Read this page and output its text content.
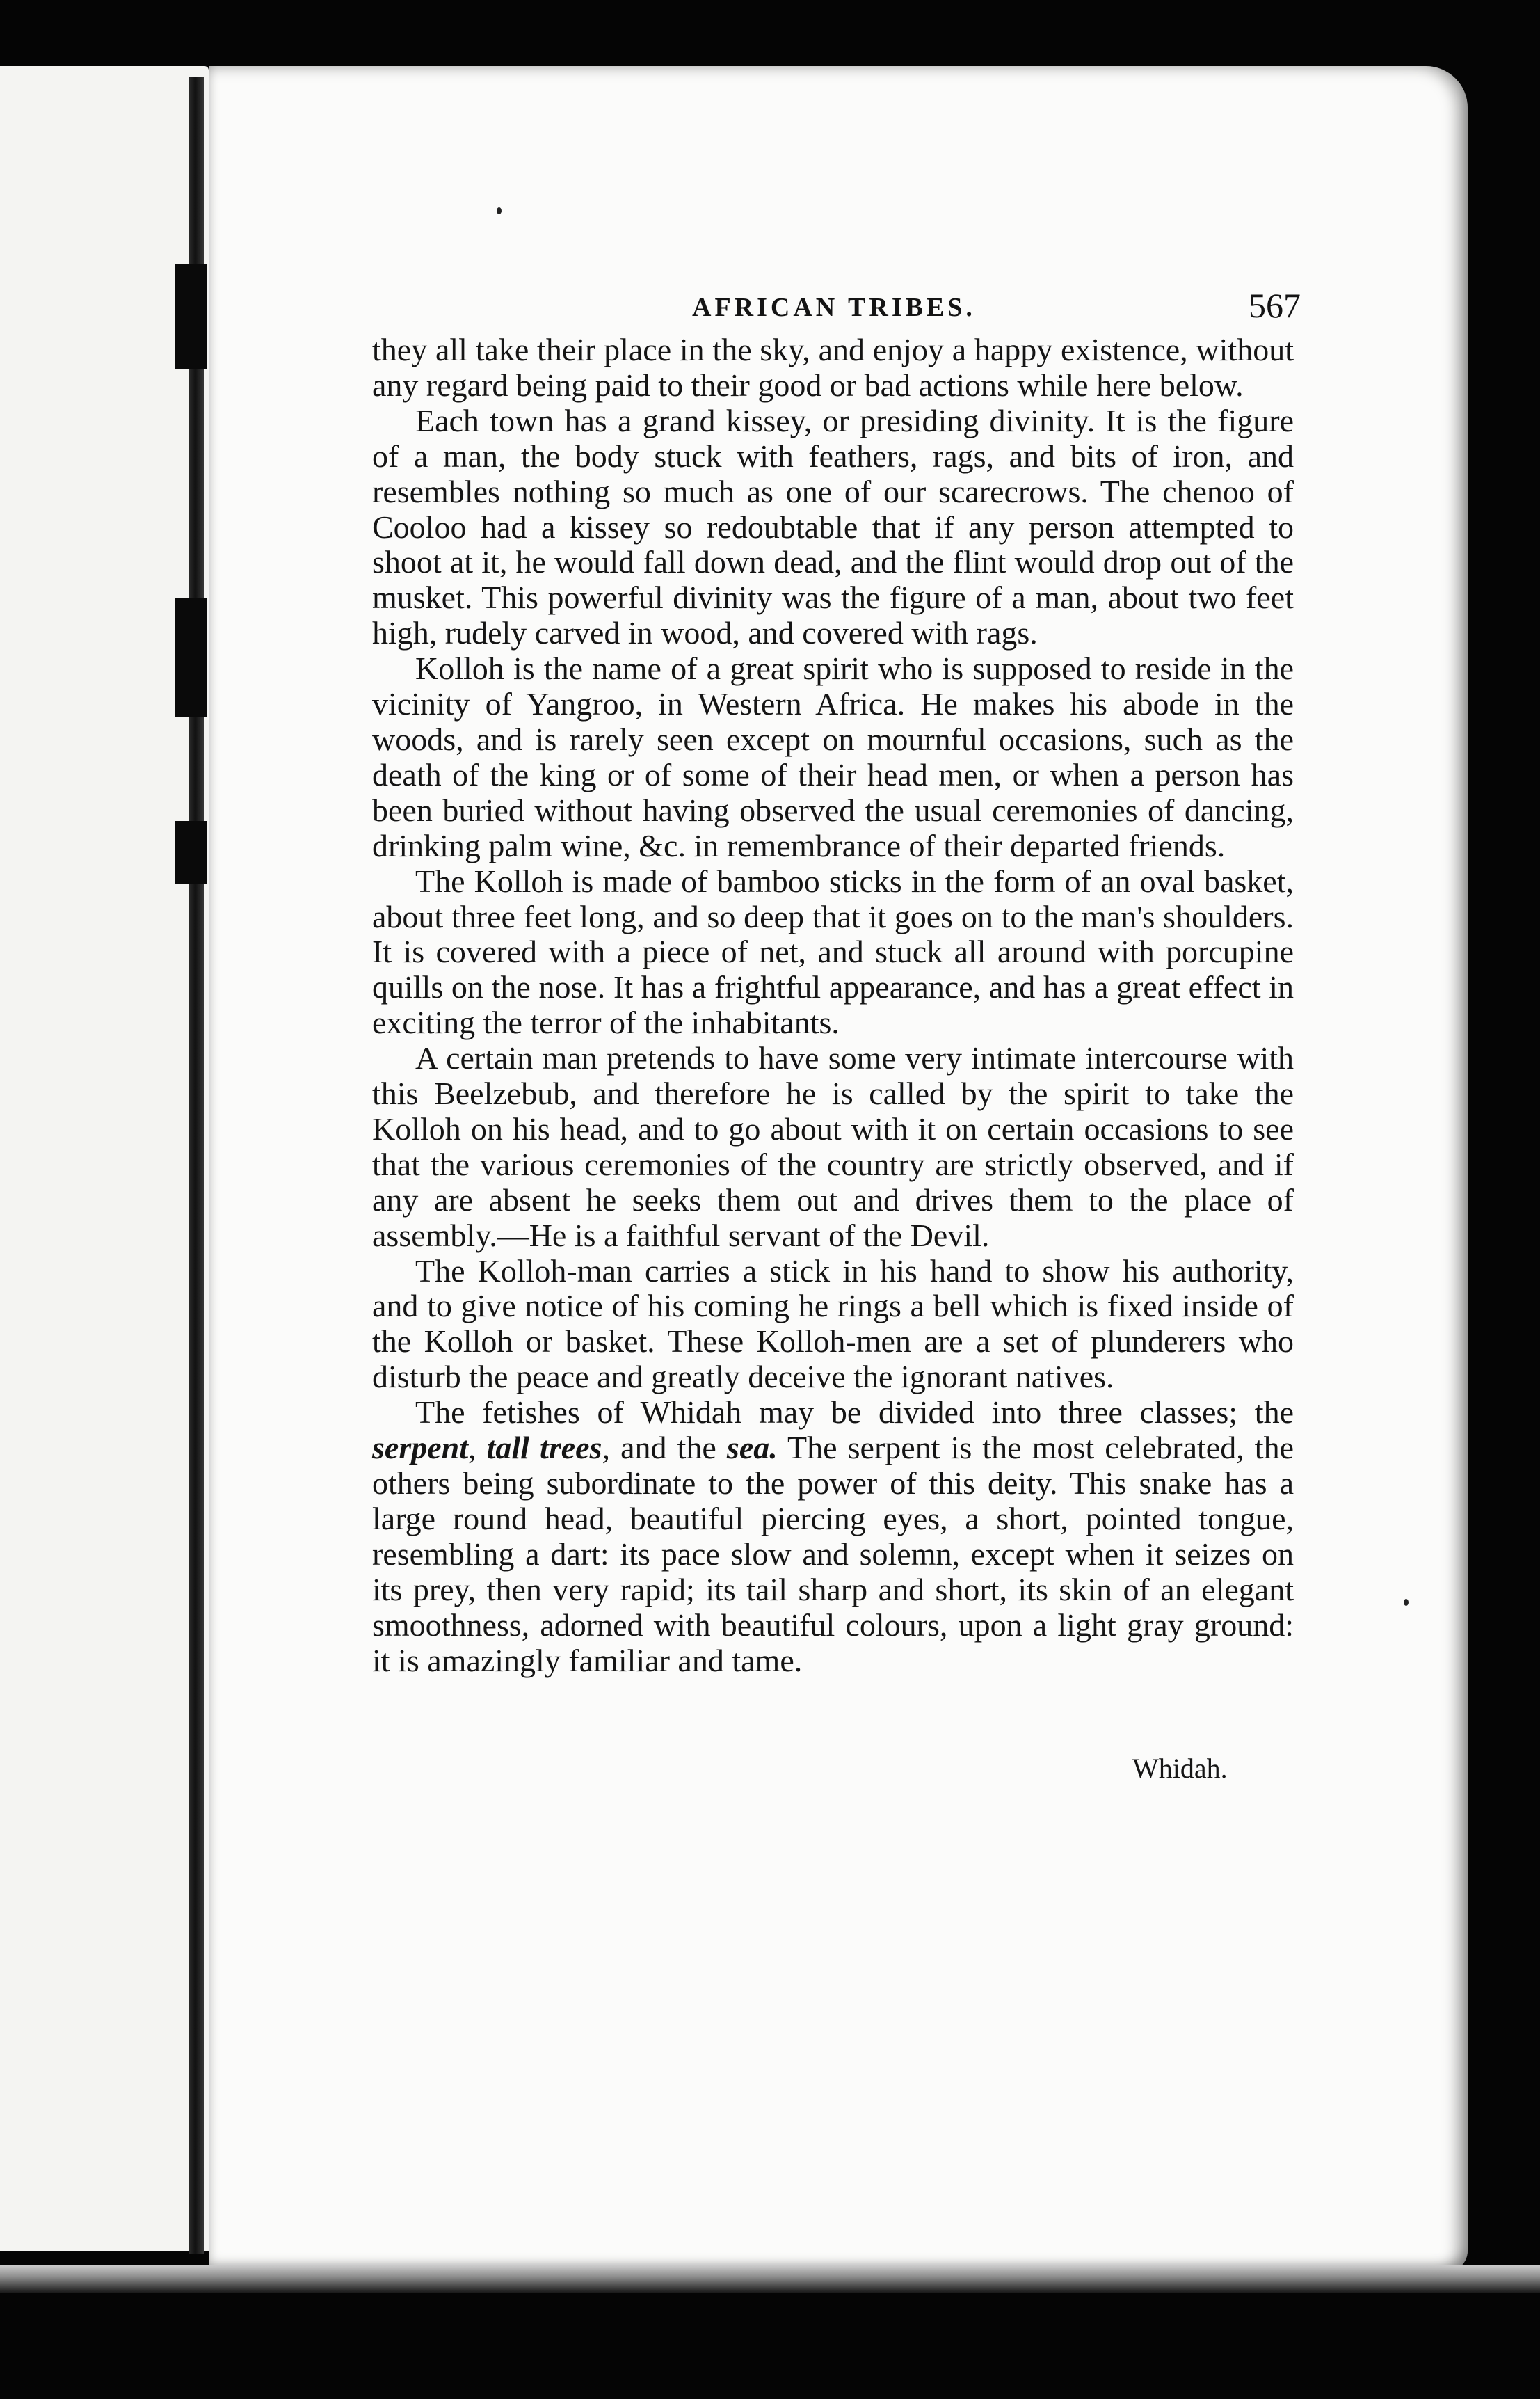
AFRICAN TRIBES.	567

they all take their place in the sky, and enjoy a happy existence, without any regard being paid to their good or bad actions while here below.

Each town has a grand kissey, or presiding divinity. It is the figure of a man, the body stuck with feathers, rags, and bits of iron, and resembles nothing so much as one of our scarecrows. The chenoo of Cooloo had a kissey so redoubtable that if any person attempted to shoot at it, he would fall down dead, and the flint would drop out of the musket. This powerful divinity was the figure of a man, about two feet high, rudely carved in wood, and covered with rags.

Kolloh is the name of a great spirit who is supposed to reside in the vicinity of Yangroo, in Western Africa. He makes his abode in the woods, and is rarely seen except on mournful occasions, such as the death of the king or of some of their head men, or when a person has been buried without having observed the usual ceremonies of dancing, drinking palm wine, &c. in remembrance of their departed friends.

The Kolloh is made of bamboo sticks in the form of an oval basket, about three feet long, and so deep that it goes on to the man's shoulders. It is covered with a piece of net, and stuck all around with porcupine quills on the nose. It has a frightful appearance, and has a great effect in exciting the terror of the inhabitants.

A certain man pretends to have some very intimate intercourse with this Beelzebub, and therefore he is called by the spirit to take the Kolloh on his head, and to go about with it on certain occasions to see that the various ceremonies of the country are strictly observed, and if any are absent he seeks them out and drives them to the place of assembly.—He is a faithful servant of the Devil.

The Kolloh-man carries a stick in his hand to show his authority, and to give notice of his coming he rings a bell which is fixed inside of the Kolloh or basket. These Kolloh-men are a set of plunderers who disturb the peace and greatly deceive the ignorant natives.

The fetishes of Whidah may be divided into three classes; the serpent, tall trees, and the sea. The serpent is the most celebrated, the others being subordinate to the power of this deity. This snake has a large round head, beautiful piercing eyes, a short, pointed tongue, resembling a dart: its pace slow and solemn, except when it seizes on its prey, then very rapid; its tail sharp and short, its skin of an elegant smoothness, adorned with beautiful colours, upon a light gray ground: it is amazingly familiar and tame.

Whidah.
